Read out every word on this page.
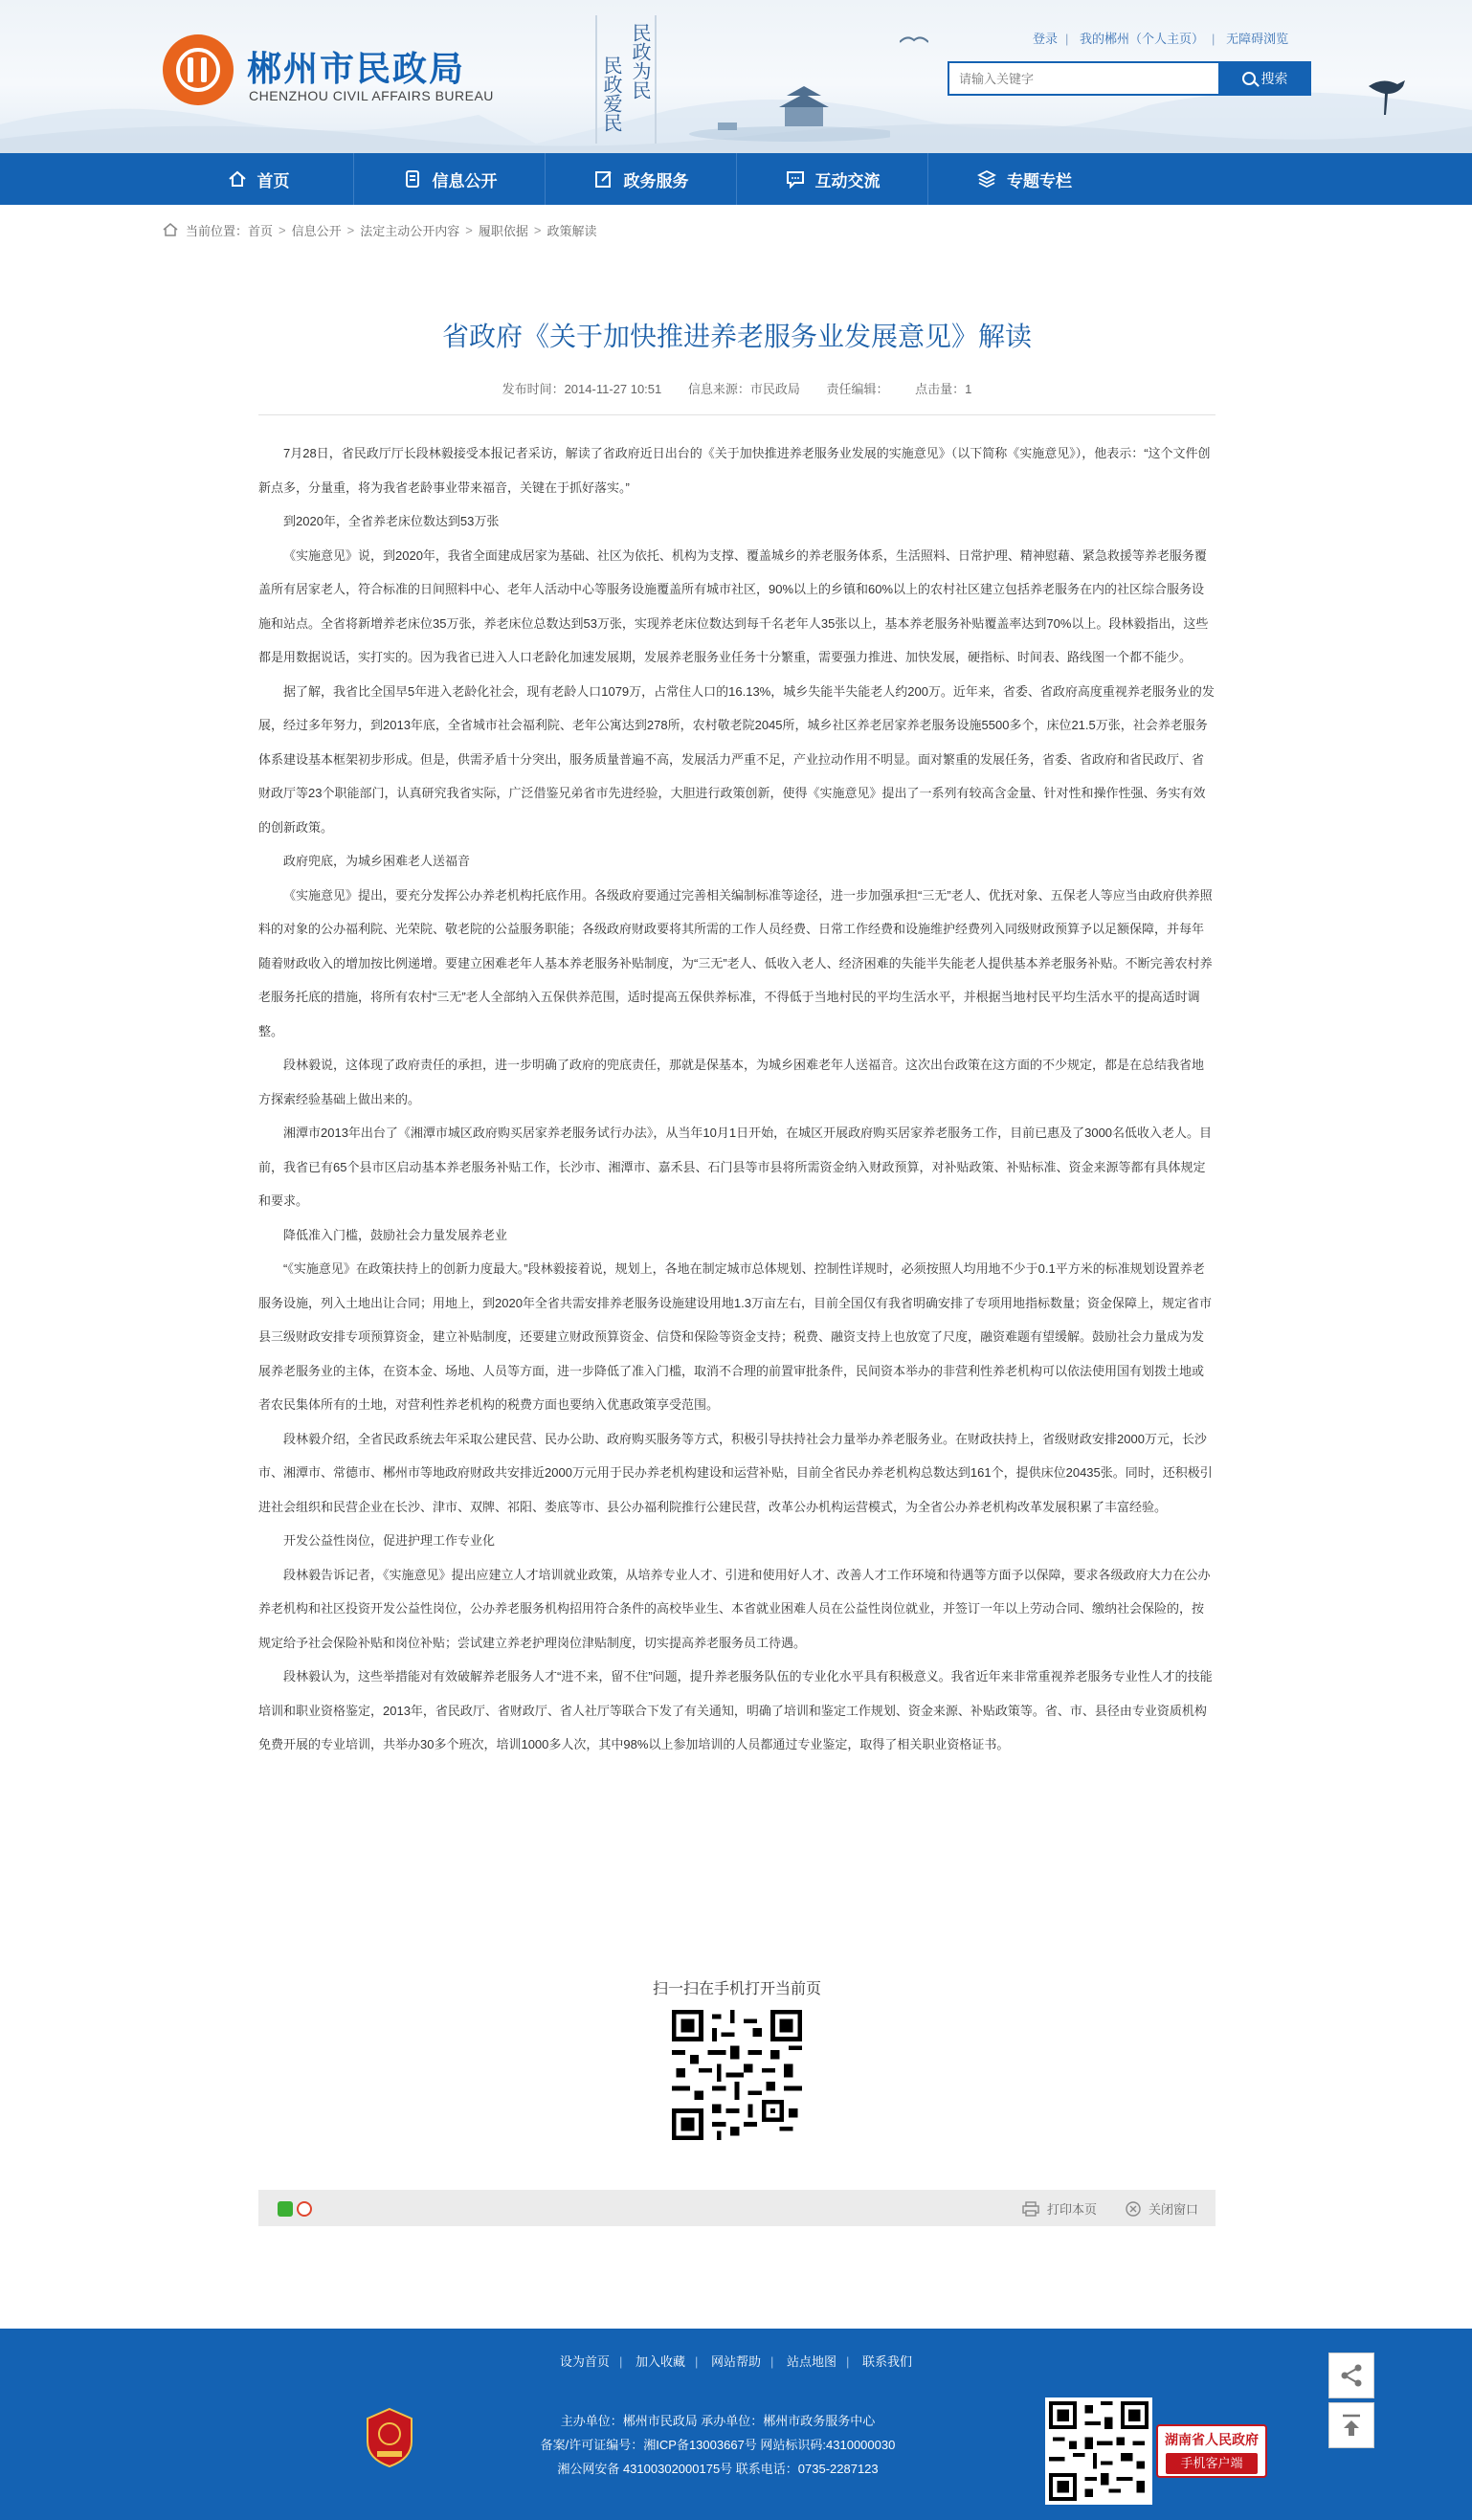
郴州市民政局
CHENZHOU CIVIL AFFAIRS BUREAU	民政为民
民政爱民
登录 | 我的郴州（个人主页） | 无障碍浏览
请输入关键字
搜索
首页	信息公开	政务服务	互动交流	专题专栏
当前位置： 首页 > 信息公开 > 法定主动公开内容 > 履职依据 > 政策解读
省政府《关于加快推进养老服务业发展意见》解读
发布时间：2014-11-27 10:51 信息来源：市民政局 责任编辑： 点击量：1

7月28日，省民政厅厅长段林毅接受本报记者采访，解读了省政府近日出台的《关于加快推进养老服务业发展的实施意见》（以下简称《实施意见》），他表示：“这个文件创新点多，分量重，将为我省老龄事业带来福音，关键在于抓好落实。”

到2020年，全省养老床位数达到53万张

《实施意见》说，到2020年，我省全面建成居家为基础、社区为依托、机构为支撑、覆盖城乡的养老服务体系，生活照料、日常护理、精神慰藉、紧急救援等养老服务覆盖所有居家老人，符合标准的日间照料中心、老年人活动中心等服务设施覆盖所有城市社区，90%以上的乡镇和60%以上的农村社区建立包括养老服务在内的社区综合服务设施和站点。全省将新增养老床位35万张，养老床位总数达到53万张，实现养老床位数达到每千名老年人35张以上，基本养老服务补贴覆盖率达到70%以上。段林毅指出，这些都是用数据说话，实打实的。因为我省已进入人口老龄化加速发展期，发展养老服务业任务十分繁重，需要强力推进、加快发展，硬指标、时间表、路线图一个都不能少。

据了解，我省比全国早5年进入老龄化社会，现有老龄人口1079万，占常住人口的16.13%，城乡失能半失能老人约200万。近年来，省委、省政府高度重视养老服务业的发展，经过多年努力，到2013年底，全省城市社会福利院、老年公寓达到278所，农村敬老院2045所，城乡社区养老居家养老服务设施5500多个，床位21.5万张，社会养老服务体系建设基本框架初步形成。但是，供需矛盾十分突出，服务质量普遍不高，发展活力严重不足，产业拉动作用不明显。面对繁重的发展任务，省委、省政府和省民政厅、省财政厅等23个职能部门，认真研究我省实际，广泛借鉴兄弟省市先进经验，大胆进行政策创新，使得《实施意见》提出了一系列有较高含金量、针对性和操作性强、务实有效的创新政策。

政府兜底，为城乡困难老人送福音

《实施意见》提出，要充分发挥公办养老机构托底作用。各级政府要通过完善相关编制标准等途径，进一步加强承担“三无”老人、优抚对象、五保老人等应当由政府供养照料的对象的公办福利院、光荣院、敬老院的公益服务职能；各级政府财政要将其所需的工作人员经费、日常工作经费和设施维护经费列入同级财政预算予以足额保障，并每年随着财政收入的增加按比例递增。要建立困难老年人基本养老服务补贴制度，为“三无”老人、低收入老人、经济困难的失能半失能老人提供基本养老服务补贴。不断完善农村养老服务托底的措施，将所有农村“三无”老人全部纳入五保供养范围，适时提高五保供养标准，不得低于当地村民的平均生活水平，并根据当地村民平均生活水平的提高适时调整。

段林毅说，这体现了政府责任的承担，进一步明确了政府的兜底责任，那就是保基本，为城乡困难老年人送福音。这次出台政策在这方面的不少规定，都是在总结我省地方探索经验基础上做出来的。

湘潭市2013年出台了《湘潭市城区政府购买居家养老服务试行办法》，从当年10月1日开始，在城区开展政府购买居家养老服务工作，目前已惠及了3000名低收入老人。目前，我省已有65个县市区启动基本养老服务补贴工作，长沙市、湘潭市、嘉禾县、石门县等市县将所需资金纳入财政预算，对补贴政策、补贴标准、资金来源等都有具体规定和要求。

降低准入门槛，鼓励社会力量发展养老业

“《实施意见》在政策扶持上的创新力度最大。”段林毅接着说，规划上，各地在制定城市总体规划、控制性详规时，必须按照人均用地不少于0.1平方米的标准规划设置养老服务设施，列入土地出让合同；用地上，到2020年全省共需安排养老服务设施建设用地1.3万亩左右，目前全国仅有我省明确安排了专项用地指标数量；资金保障上，规定省市县三级财政安排专项预算资金，建立补贴制度，还要建立财政预算资金、信贷和保险等资金支持；税费、融资支持上也放宽了尺度，融资难题有望缓解。鼓励社会力量成为发展养老服务业的主体，在资本金、场地、人员等方面，进一步降低了准入门槛，取消不合理的前置审批条件，民间资本举办的非营利性养老机构可以依法使用国有划拨土地或者农民集体所有的土地，对营利性养老机构的税费方面也要纳入优惠政策享受范围。

段林毅介绍，全省民政系统去年采取公建民营、民办公助、政府购买服务等方式，积极引导扶持社会力量举办养老服务业。在财政扶持上，省级财政安排2000万元，长沙市、湘潭市、常德市、郴州市等地政府财政共安排近2000万元用于民办养老机构建设和运营补贴，目前全省民办养老机构总数达到161个，提供床位20435张。同时，还积极引进社会组织和民营企业在长沙、津市、双牌、祁阳、娄底等市、县公办福利院推行公建民营，改革公办机构运营模式，为全省公办养老机构改革发展积累了丰富经验。

开发公益性岗位，促进护理工作专业化

段林毅告诉记者，《实施意见》提出应建立人才培训就业政策，从培养专业人才、引进和使用好人才、改善人才工作环境和待遇等方面予以保障，要求各级政府大力在公办养老机构和社区投资开发公益性岗位，公办养老服务机构招用符合条件的高校毕业生、本省就业困难人员在公益性岗位就业，并签订一年以上劳动合同、缴纳社会保险的，按规定给予社会保险补贴和岗位补贴；尝试建立养老护理岗位津贴制度，切实提高养老服务员工待遇。

段林毅认为，这些举措能对有效破解养老服务人才“进不来，留不住”问题，提升养老服务队伍的专业化水平具有积极意义。我省近年来非常重视养老服务专业性人才的技能培训和职业资格鉴定，2013年，省民政厅、省财政厅、省人社厅等联合下发了有关通知，明确了培训和鉴定工作规划、资金来源、补贴政策等。省、市、县径由专业资质机构免费开展的专业培训，共举办30多个班次，培训1000多人次，其中98%以上参加培训的人员都通过专业鉴定，取得了相关职业资格证书。

扫一扫在手机打开当前页
打印本页	关闭窗口
设为首页 | 加入收藏 | 网站帮助 | 站点地图 | 联系我们
主办单位：郴州市民政局 承办单位：郴州市政务服务中心
备案/许可证编号：湘ICP备13003667号 网站标识码:4310000030
湘公网安备 43100302000175号 联系电话：0735-2287123
湖南省人民政府
手机客户端
